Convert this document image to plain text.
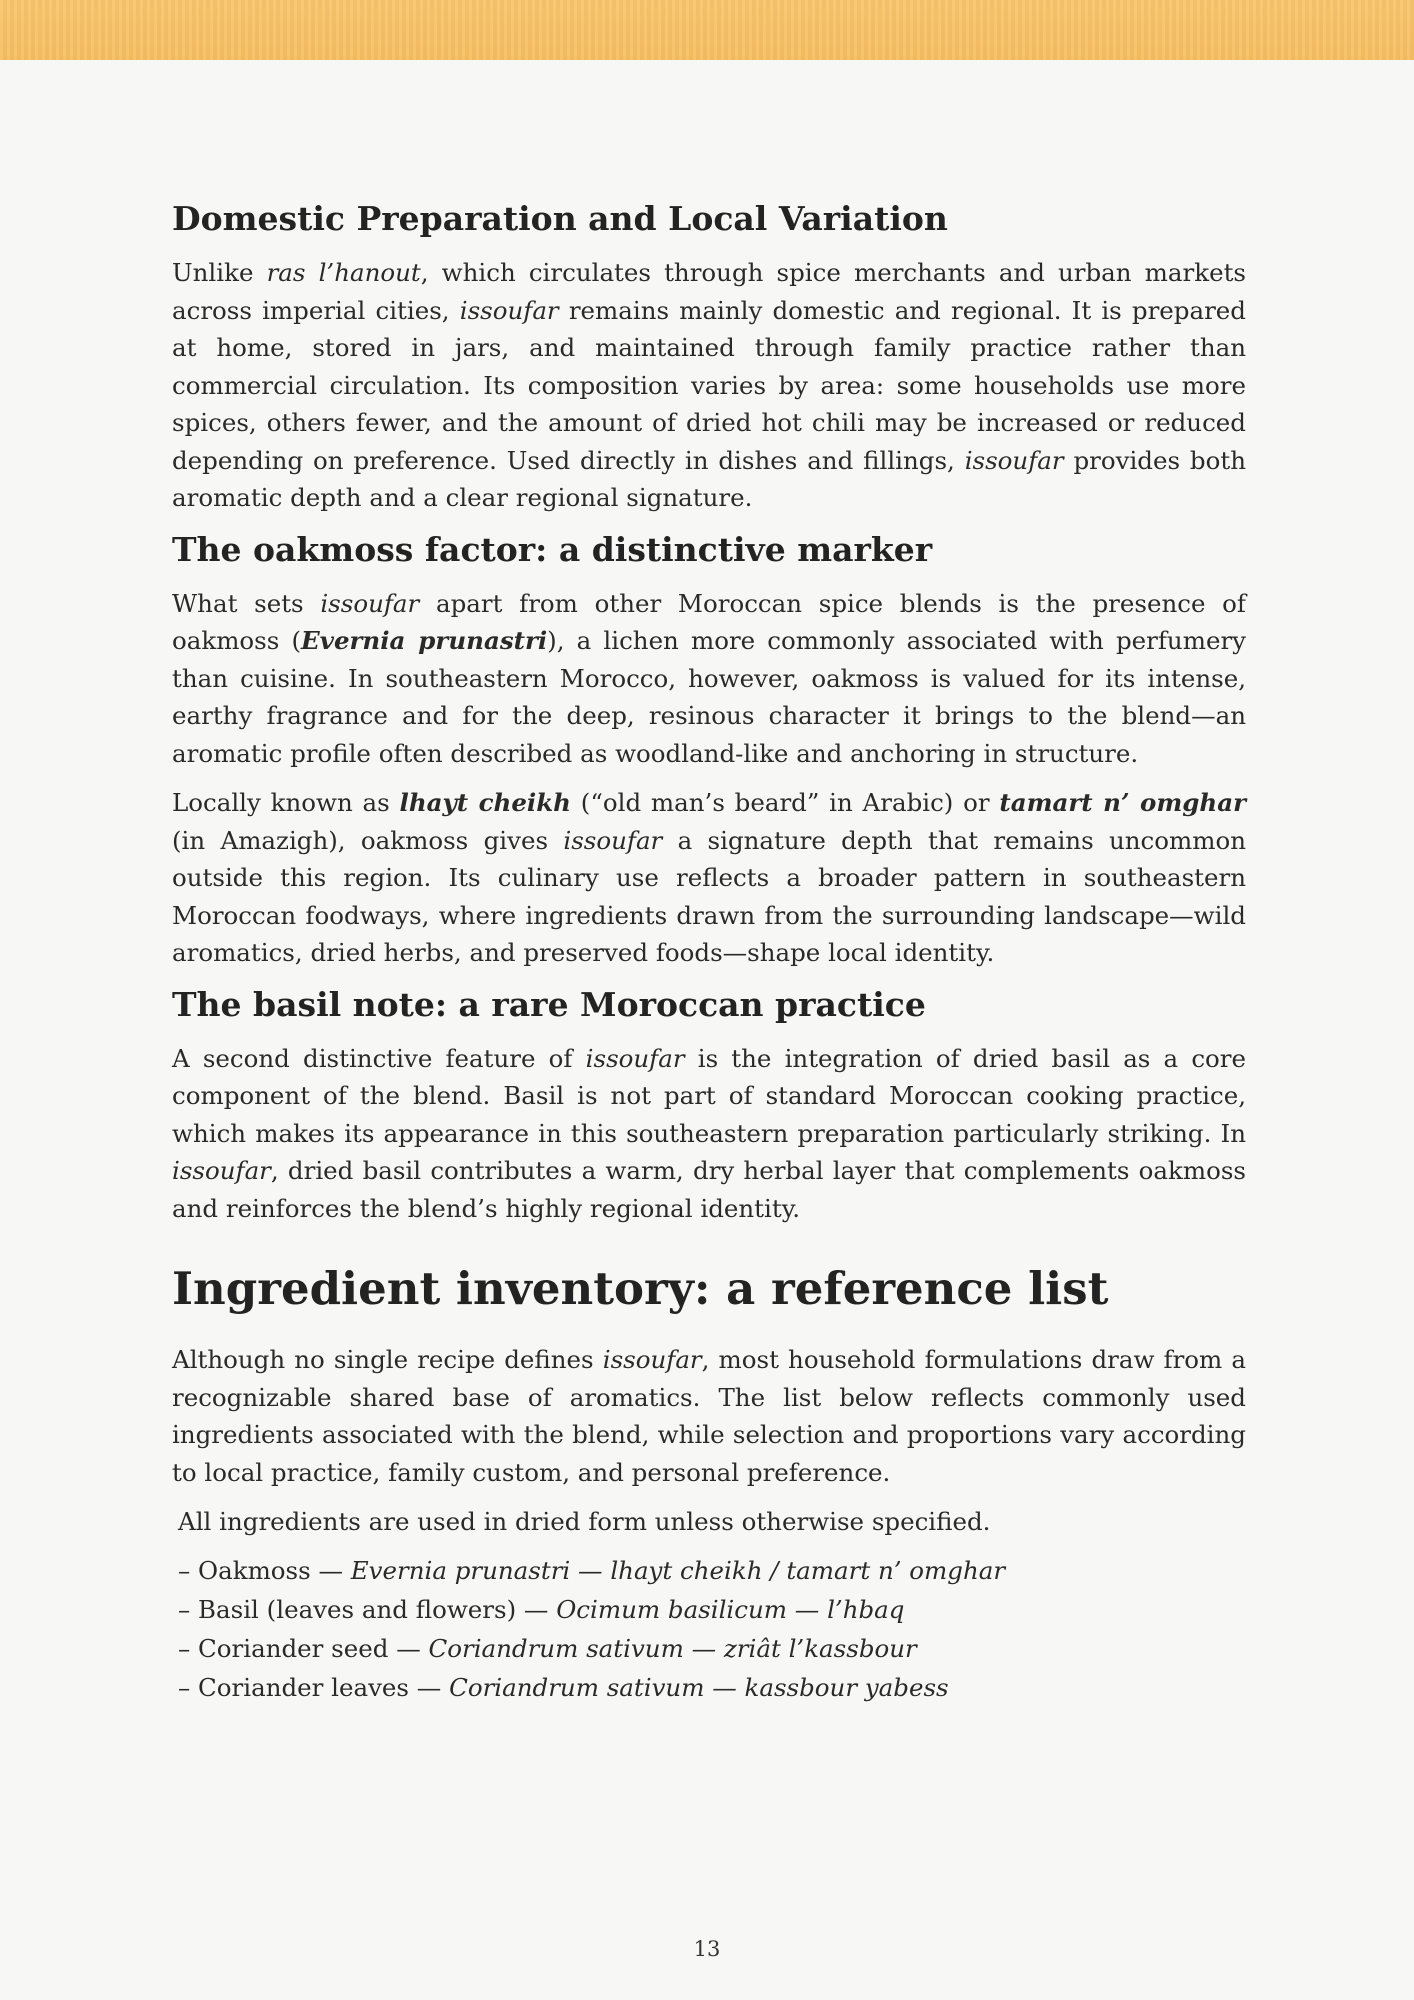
Domestic Preparation and Local Variation

Unlike ras l’hanout, which circulates through spice merchants and urban markets across imperial cities, issoufar remains mainly domestic and regional. It is prepared at home, stored in jars, and maintained through family practice rather than commercial circulation. Its composition varies by area: some households use more spices, others fewer, and the amount of dried hot chili may be increased or reduced depending on preference. Used directly in dishes and fillings, issoufar provides both aromatic depth and a clear regional signature.

The oakmoss factor: a distinctive marker

What sets issoufar apart from other Moroccan spice blends is the presence of oakmoss (Evernia prunastri), a lichen more commonly associated with perfumery than cuisine. In southeastern Morocco, however, oakmoss is valued for its intense, earthy fragrance and for the deep, resinous character it brings to the blend—an aromatic profile often described as woodland-like and anchoring in structure.

Locally known as lhayt cheikh (“old man’s beard” in Arabic) or tamart n’ omghar (in Amazigh), oakmoss gives issoufar a signature depth that remains uncommon outside this region. Its culinary use reflects a broader pattern in southeastern Moroccan foodways, where ingredients drawn from the surrounding landscape—wild aromatics, dried herbs, and preserved foods—shape local identity.

The basil note: a rare Moroccan practice

A second distinctive feature of issoufar is the integration of dried basil as a core component of the blend. Basil is not part of standard Moroccan cooking practice, which makes its appearance in this southeastern preparation particularly striking. In issoufar, dried basil contributes a warm, dry herbal layer that complements oakmoss and reinforces the blend’s highly regional identity.

Ingredient inventory: a reference list

Although no single recipe defines issoufar, most household formulations draw from a recognizable shared base of aromatics. The list below reflects commonly used ingredients associated with the blend, while selection and proportions vary according to local practice, family custom, and personal preference.

All ingredients are used in dried form unless otherwise specified.

– Oakmoss — Evernia prunastri — lhayt cheikh / tamart n’ omghar
– Basil (leaves and flowers) — Ocimum basilicum — l’hbaq
– Coriander seed — Coriandrum sativum — zriât l’kassbour
– Coriander leaves — Coriandrum sativum — kassbour yabess
13
